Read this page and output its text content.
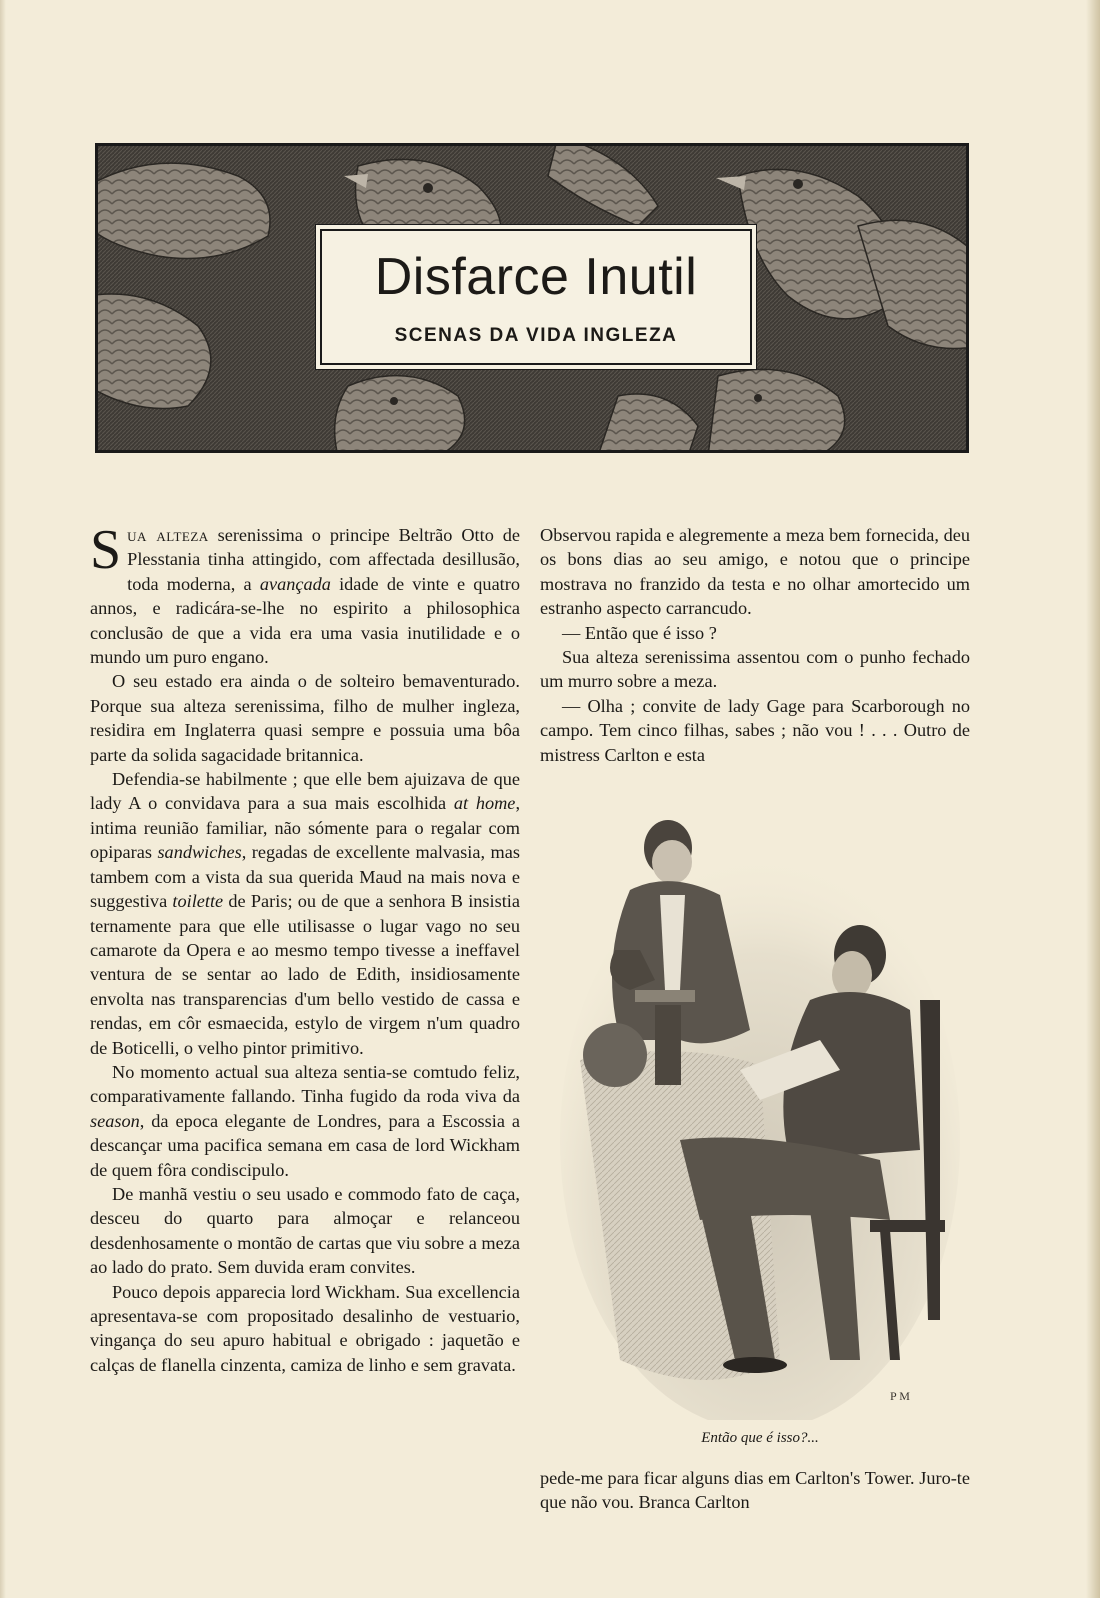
Disfarce Inutil
SCENAS DA VIDA INGLEZA

Sua alteza serenissima o principe Beltrão Otto de Plesstania tinha attingido, com affectada desillusão, toda moderna, a avançada idade de vinte e quatro annos, e radicára-se-lhe no espirito a philosophica conclusão de que a vida era uma vasia inutilidade e o mundo um puro engano.

O seu estado era ainda o de solteiro bemaventurado. Porque sua alteza serenissima, filho de mulher ingleza, residira em Inglaterra quasi sempre e possuia uma bôa parte da solida sagacidade britannica.

Defendia-se habilmente ; que elle bem ajuizava de que lady A o convidava para a sua mais escolhida at home, intima reunião familiar, não sómente para o regalar com opiparas sandwiches, regadas de excellente malvasia, mas tambem com a vista da sua querida Maud na mais nova e suggestiva toilette de Paris; ou de que a senhora B insistia ternamente para que elle utilisasse o lugar vago no seu camarote da Opera e ao mesmo tempo tivesse a ineffavel ventura de se sentar ao lado de Edith, insidiosamente envolta nas transparencias d'um bello vestido de cassa e rendas, em côr esmaecida, estylo de virgem n'um quadro de Boticelli, o velho pintor primitivo.

No momento actual sua alteza sentia-se comtudo feliz, comparativamente fallando. Tinha fugido da roda viva da season, da epoca elegante de Londres, para a Escossia a descançar uma pacifica semana em casa de lord Wickham de quem fôra condiscipulo.

De manhã vestiu o seu usado e commodo fato de caça, desceu do quarto para almoçar e relanceou desdenhosamente o montão de cartas que viu sobre a meza ao lado do prato. Sem duvida eram convites.

Pouco depois apparecia lord Wickham. Sua excellencia apresentava-se com propositado desalinho de vestuario, vingança do seu apuro habitual e obrigado : jaquetão e calças de flanella cinzenta, camiza de linho e sem gravata.

Observou rapida e alegremente a meza bem fornecida, deu os bons dias ao seu amigo, e notou que o principe mostrava no franzido da testa e no olhar amortecido um estranho aspecto carrancudo.

— Então que é isso ?

Sua alteza serenissima assentou com o punho fechado um murro sobre a meza.

— Olha ; convite de lady Gage para Scarborough no campo. Tem cinco filhas, sabes ; não vou ! . . . Outro de mistress Carlton e esta

P M
Então que é isso?...

pede-me para ficar alguns dias em Carlton's Tower. Juro-te que não vou. Branca Carlton
